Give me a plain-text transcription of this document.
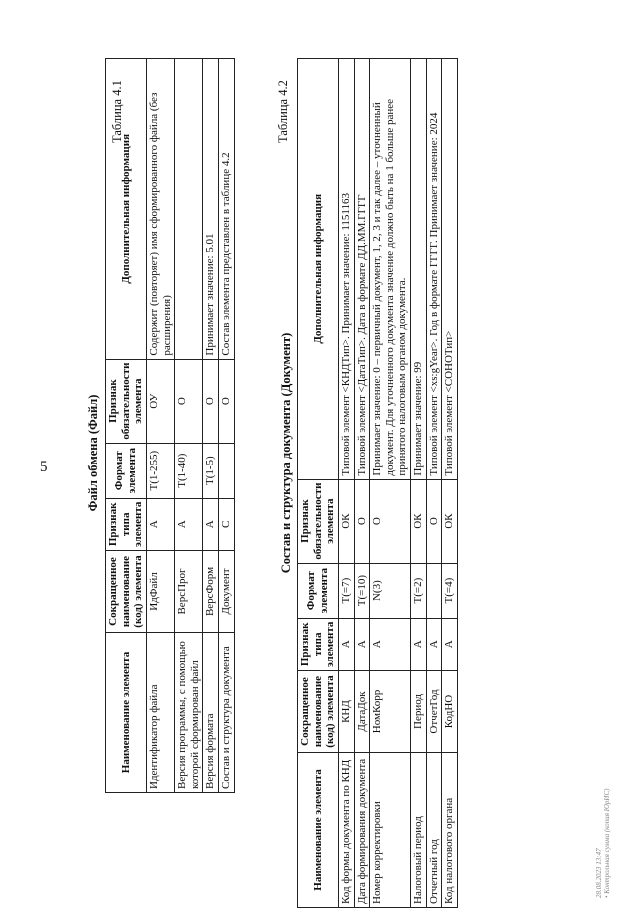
5
Таблица 4.1
Файл обмена (Файл)
Наименование элемента	Сокращенное наименование (код) элемента	Признак типа элемента	Формат элемента	Признак обязательности элемента	Дополнительная информация
Идентификатор файла	ИдФайл	А	T(1-255)	ОУ	Содержит (повторяет) имя сформированного файла (без расширения)
Версия программы, с помощью которой сформирован файл	ВерсПрог	А	T(1-40)	О	
Версия формата	ВерсФорм	А	T(1-5)	О	Принимает значение: 5.01
Состав и структура документа	Документ	С		О	Состав элемента представлен в таблице 4.2
Таблица 4.2
Состав и структура документа (Документ)
Наименование элемента	Сокращенное наименование (код) элемента	Признак типа элемента	Формат элемента	Признак обязательности элемента	Дополнительная информация
Код формы документа по КНД	КНД	А	T(=7)	ОК	Типовой элемент <КНДТип>. Принимает значение: 1151163
Дата формирования документа	ДатаДок	А	T(=10)	О	Типовой элемент <ДатаТип>. Дата в формате ДД.ММ.ГГГГ
Номер корректировки	НомКорр	А	N(3)	О	Принимает значение: 0 – первичный документ, 1, 2, 3 и так далее – уточненный документ. Для уточненного документа значение должно быть на 1 больше ранее принятого налоговым органом документа.
Налоговый период	Период	А	T(=2)	ОК	Принимает значение: 99
Отчетный год	ОтчетГод	А		О	Типовой элемент <xs:gYear>. Год в формате ГГГГ. Принимает значение: 2024
Код налогового органа	КодНО	А	T(=4)	ОК	Типовой элемент <СОНОТип>
28.08.2023 13:47 • Контрольная сумма (копия ЮрИС)
